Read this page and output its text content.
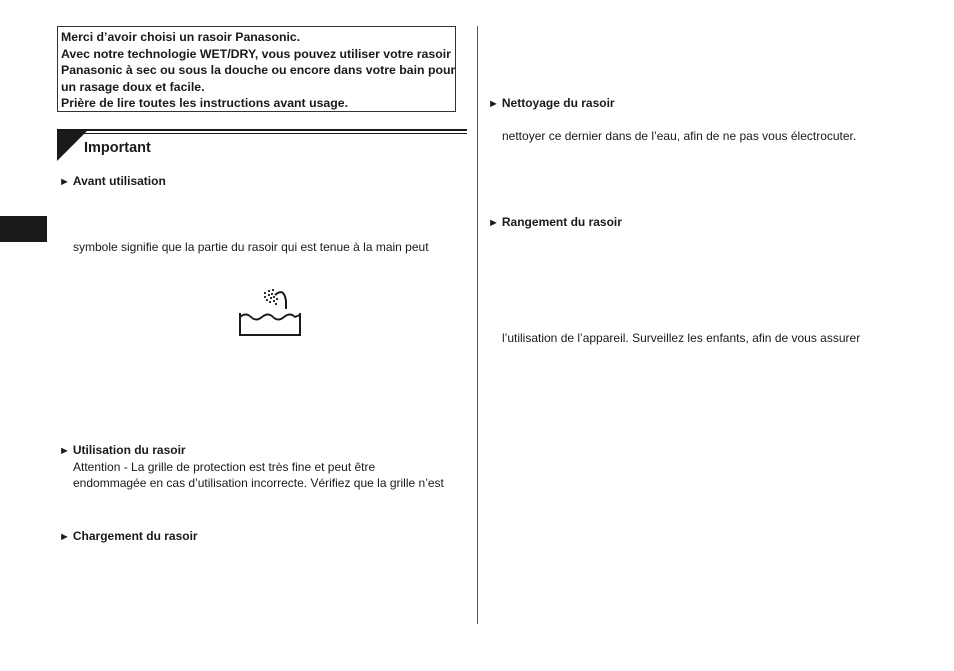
Merci d’avoir choisi un rasoir Panasonic.
Avec notre technologie WET/DRY, vous pouvez utiliser votre rasoir
Panasonic à sec ou sous la douche ou encore dans votre bain pour
un rasage doux et facile.
Prière de lire toutes les instructions avant usage.
Important
► Avant utilisation
symbole signifie que la partie du rasoir qui est tenue à la main peut
► Utilisation du rasoir
Attention - La grille de protection est très fine et peut être
endommagée en cas d’utilisation incorrecte. Vérifiez que la grille n’est
► Chargement du rasoir
► Nettoyage du rasoir
nettoyer ce dernier dans de l’eau, afin de ne pas vous électrocuter.
► Rangement du rasoir
l’utilisation de l’appareil. Surveillez les enfants, afin de vous assurer
